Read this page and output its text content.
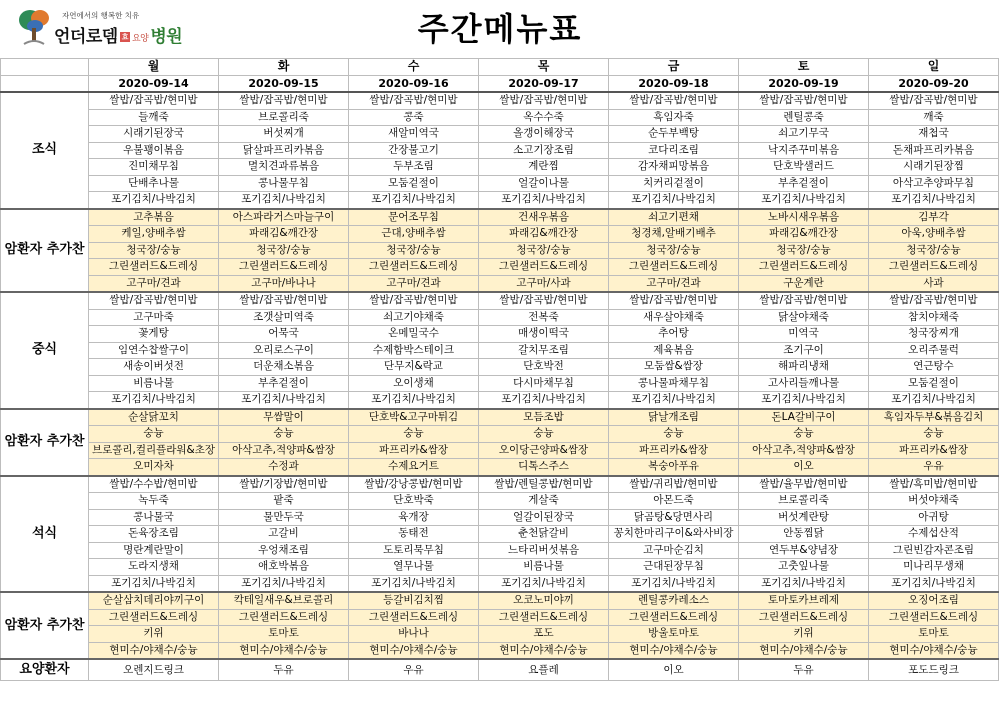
자연에서의 행복한 치유
언더로뎀 효 요양 병원	주간메뉴표
	월	화	수	목	금	토	일
	2020-09-14	2020-09-15	2020-09-16	2020-09-17	2020-09-18	2020-09-19	2020-09-20
조식	쌀밥/잡곡밥/현미밥	쌀밥/잡곡밥/현미밥	쌀밥/잡곡밥/현미밥	쌀밥/잡곡밥/현미밥	쌀밥/잡곡밥/현미밥	쌀밥/잡곡밥/현미밥	쌀밥/잡곡밥/현미밥
	들깨죽	브로콜리죽	콩죽	옥수수죽	흑임자죽	렌틸콩죽	깨죽
	시래기된장국	버섯찌개	새알미역국	올갱이해장국	순두부백탕	쇠고기무국	재첩국
	우불꽹이볶음	닭살파프리카볶음	간장불고기	소고기장조림	코다리조림	낙지주꾸미볶음	돈채파프리카볶음
	진미채무침	멸치견과류볶음	두부조림	계란찜	감자채피망볶음	단호박샐러드	시래기된장찜
	단배추나물	콩나물무침	모둠겉절이	얼갈이나물	치커리겉절이	부추겉절이	아삭고추양파무침
	포기김치/나박김치	포기김치/나박김치	포기김치/나박김치	포기김치/나박김치	포기김치/나박김치	포기김치/나박김치	포기김치/나박김치
암환자 추가찬	고추볶음	아스파라거스마늘구이	문어조무침	건새우볶음	쇠고기편채	노바시새우볶음	김부각
	케일,양배추쌈	파래김&깨간장	근대,양배추쌈	파래김&깨간장	청경채,알배기배추	파래김&깨간장	아욱,양배추쌈
	청국장/숭늉	청국장/숭늉	청국장/숭늉	청국장/숭늉	청국장/숭늉	청국장/숭늉	청국장/숭늉
	그린샐러드&드레싱	그린샐러드&드레싱	그린샐러드&드레싱	그린샐러드&드레싱	그린샐러드&드레싱	그린샐러드&드레싱	그린샐러드&드레싱
	고구마/견과	고구마/바나나	고구마/견과	고구마/사과	고구마/견과	구운계란	사과
중식	쌀밥/잡곡밥/현미밥	쌀밥/잡곡밥/현미밥	쌀밥/잡곡밥/현미밥	쌀밥/잡곡밥/현미밥	쌀밥/잡곡밥/현미밥	쌀밥/잡곡밥/현미밥	쌀밥/잡곡밥/현미밥
	고구마죽	조갯살미역죽	쇠고기야채죽	전복죽	새우살야채죽	닭살야채죽	참치야채죽
	꽃게탕	어묵국	온메밀국수	매생이떡국	추어탕	미역국	청국장찌개
	임연수찹쌀구이	오리로스구이	수제함박스테이크	갈치무조림	제육볶음	조기구이	오리주물럭
	새송이버섯전	더운채소볶음	단무지&락교	단호박전	모둠쌈&쌈장	해파리냉채	연근탕수
	비름나물	부추겉절이	오이생채	다시마채무침	콩나물파채무침	고사리들깨나물	모둠겉절이
	포기김치/나박김치	포기김치/나박김치	포기김치/나박김치	포기김치/나박김치	포기김치/나박김치	포기김치/나박김치	포기김치/나박김치
암환자 추가찬	순살닭꼬치	무쌈말이	단호박&고구마튀김	모듬조밥	닭날개조림	돈LA갈비구이	흑임자두부&볶음김치
	숭늉	숭늉	숭늉	숭늉	숭늉	숭늉	숭늉
	브로콜리,컬리플라워&초장	아삭고추,적양파&쌈장	파프리카&쌈장	오이당근양파&쌈장	파프리카&쌈장	아삭고추,적양파&쌈장	파프리카&쌈장
	오미자차	수정과	수제요거트	디톡스주스	복숭아푸유	이오	우유
석식	쌀밥/수수밥/현미밥	쌀밥/기장밥/현미밥	쌀밥/강낭콩밥/현미밥	쌀밥/렌틸콩밥/현미밥	쌀밥/귀리밥/현미밥	쌀밥/율무밥/현미밥	쌀밥/흑미밥/현미밥
	녹두죽	팥죽	단호박죽	게살죽	아몬드죽	브로콜리죽	버섯야채죽
	콩나물국	물만두국	육개장	얼갈이된장국	닭곰탕&당면사리	버섯계란탕	아귀탕
	돈육장조림	고갈비	동태전	춘천닭갈비	꽁치한마리구이&와사비장	안동찜닭	수제섭산적
	명란계란말이	우엉채조림	도토리묵무침	느타리버섯볶음	고구마순김치	연두부&양념장	그린빈감자콘조림
	도라지생채	애호박볶음	열무나물	비름나물	근대된장무침	고춧잎나물	미나리무생채
	포기김치/나박김치	포기김치/나박김치	포기김치/나박김치	포기김치/나박김치	포기김치/나박김치	포기김치/나박김치	포기김치/나박김치
암환자 추가찬	순살삼치데리야끼구이	칵테일새우&브로콜리	등갈비김치찜	오코노미야끼	렌틸콩카레소스	토마토카브레제	오징어조림
	그린샐러드&드레싱	그린샐러드&드레싱	그린샐러드&드레싱	그린샐러드&드레싱	그린샐러드&드레싱	그린샐러드&드레싱	그린샐러드&드레싱
	키위	토마토	바나나	포도	방울토마토	키위	토마토
	현미수/야채수/숭늉	현미수/야채수/숭늉	현미수/야채수/숭늉	현미수/야채수/숭늉	현미수/야채수/숭늉	현미수/야채수/숭늉	현미수/야채수/숭늉
요양환자	오렌지드링크	두유	우유	요플레	이오	두유	포도드링크
